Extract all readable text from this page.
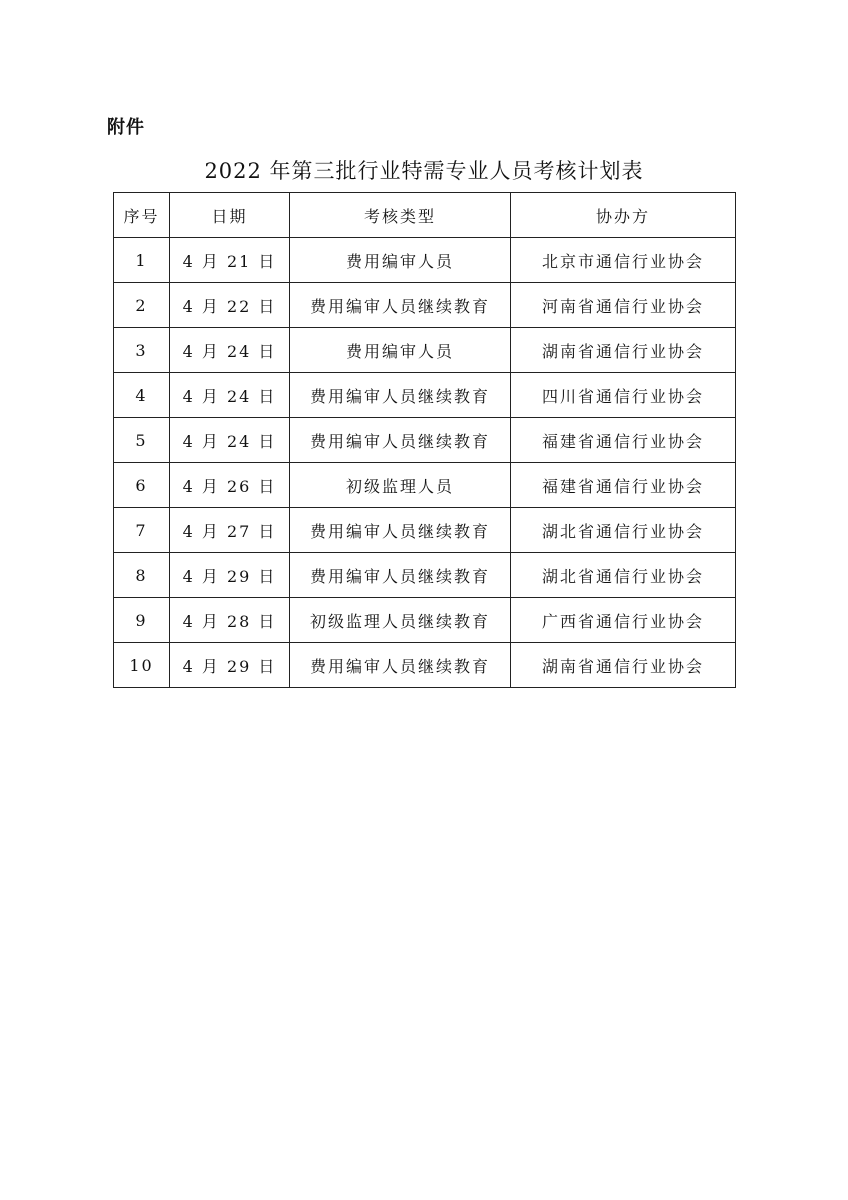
附件
2022 年第三批行业特需专业人员考核计划表
序号	日期	考核类型	协办方
1	4 月 21 日	费用编审人员	北京市通信行业协会
2	4 月 22 日	费用编审人员继续教育	河南省通信行业协会
3	4 月 24 日	费用编审人员	湖南省通信行业协会
4	4 月 24 日	费用编审人员继续教育	四川省通信行业协会
5	4 月 24 日	费用编审人员继续教育	福建省通信行业协会
6	4 月 26 日	初级监理人员	福建省通信行业协会
7	4 月 27 日	费用编审人员继续教育	湖北省通信行业协会
8	4 月 29 日	费用编审人员继续教育	湖北省通信行业协会
9	4 月 28 日	初级监理人员继续教育	广西省通信行业协会
10	4 月 29 日	费用编审人员继续教育	湖南省通信行业协会
